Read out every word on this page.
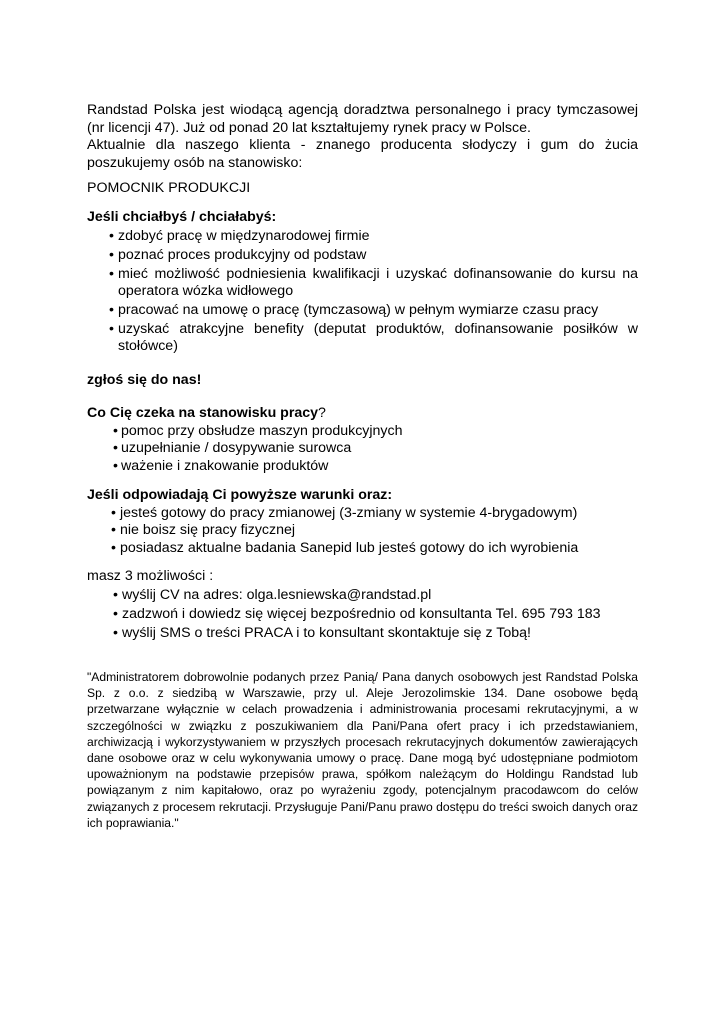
Randstad Polska jest wiodącą agencją doradztwa personalnego i pracy tymczasowej (nr licencji 47). Już od ponad 20 lat kształtujemy rynek pracy w Polsce.
Aktualnie dla naszego klienta - znanego producenta słodyczy i gum do żucia poszukujemy osób na stanowisko:
POMOCNIK PRODUKCJI
Jeśli chciałbyś / chciałabyś:
• zdobyć pracę w międzynarodowej firmie
• poznać proces produkcyjny od podstaw
• mieć możliwość podniesienia kwalifikacji i uzyskać dofinansowanie do kursu na operatora wózka widłowego
• pracować na umowę o pracę (tymczasową) w pełnym wymiarze czasu pracy
• uzyskać atrakcyjne benefity (deputat produktów, dofinansowanie posiłków w stołówce)
zgłoś się do nas!
Co Cię czeka na stanowisku pracy?
• pomoc przy obsłudze maszyn produkcyjnych
• uzupełnianie / dosypywanie surowca
• ważenie i znakowanie produktów
Jeśli odpowiadają Ci powyższe warunki oraz:
• jesteś gotowy do pracy zmianowej (3-zmiany w systemie 4-brygadowym)
• nie boisz się pracy fizycznej
• posiadasz aktualne badania Sanepid lub jesteś gotowy do ich wyrobienia
masz 3 możliwości :
• wyślij CV na adres: olga.lesniewska@randstad.pl
• zadzwoń i dowiedz się więcej bezpośrednio od konsultanta Tel. 695 793 183
• wyślij SMS o treści PRACA i to konsultant skontaktuje się z Tobą!
"Administratorem dobrowolnie podanych przez Panią/ Pana danych osobowych jest Randstad Polska Sp. z o.o. z siedzibą w Warszawie, przy ul. Aleje Jerozolimskie 134. Dane osobowe będą przetwarzane wyłącznie w celach prowadzenia i administrowania procesami rekrutacyjnymi, a w szczególności w związku z poszukiwaniem dla Pani/Pana ofert pracy i ich przedstawianiem, archiwizacją i wykorzystywaniem w przyszłych procesach rekrutacyjnych dokumentów zawierających dane osobowe oraz w celu wykonywania umowy o pracę. Dane mogą być udostępniane podmiotom upoważnionym na podstawie przepisów prawa, spółkom należącym do Holdingu Randstad lub powiązanym z nim kapitałowo, oraz po wyrażeniu zgody, potencjalnym pracodawcom do celów związanych z procesem rekrutacji. Przysługuje Pani/Panu prawo dostępu do treści swoich danych oraz ich poprawiania."
